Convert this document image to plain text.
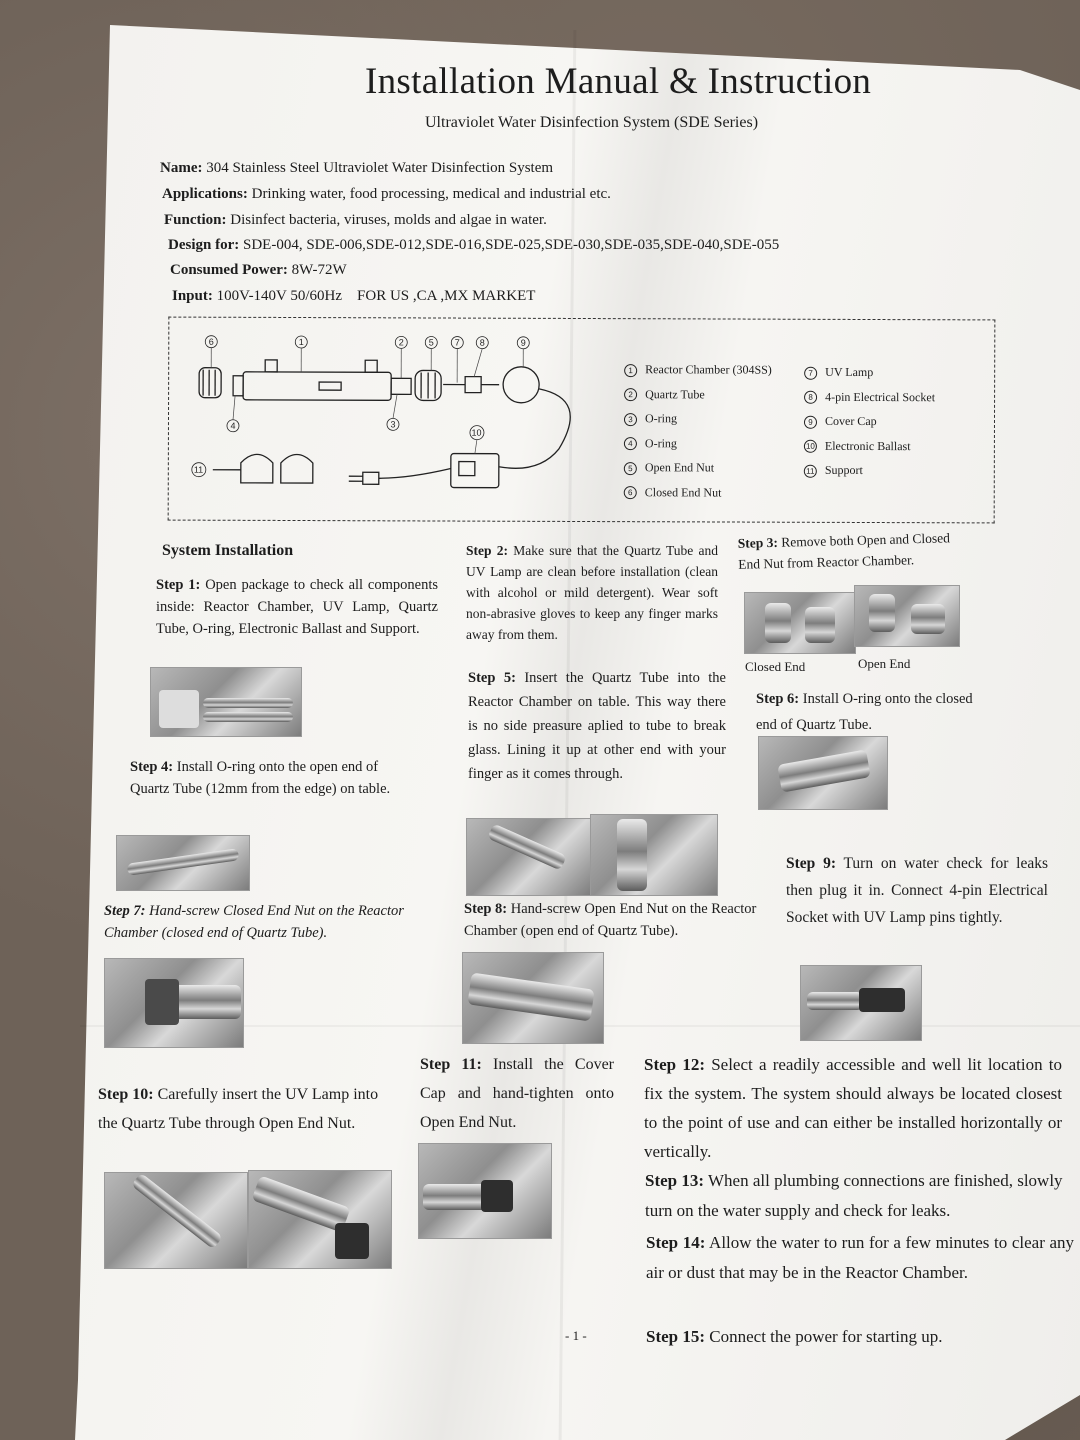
Installation Manual & Instruction
Ultraviolet Water Disinfection System (SDE Series)
Name: 304 Stainless Steel Ultraviolet Water Disinfection System
Applications: Drinking water, food processing, medical and industrial etc.
Function: Disinfect bacteria, viruses, molds and algae in water.
Design for: SDE-004, SDE-006,SDE-012,SDE-016,SDE-025,SDE-030,SDE-035,SDE-040,SDE-055
Consumed Power: 8W-72W
Input: 100V-140V 50/60Hz    FOR US ,CA ,MX MARKET
6	1	2	5 7 8	9
4	3
10
11
1 Reactor Chamber (304SS)
2 Quartz Tube
3 O-ring
4 O-ring
5 Open End Nut
6 Closed End Nut
7 UV Lamp
8 4-pin Electrical Socket
9 Cover Cap
10 Electronic Ballast
11 Support
System Installation
Step 1: Open package to check all components inside: Reactor Chamber, UV Lamp, Quartz Tube, O-ring, Electronic Ballast and Support.
Step 4: Install O-ring onto the open end of Quartz Tube (12mm from the edge) on table.
Step 7: Hand-screw Closed End Nut on the Reactor Chamber (closed end of Quartz Tube).
Step 10: Carefully insert the UV Lamp into the Quartz Tube through Open End Nut.
Step 2: Make sure that the Quartz Tube and UV Lamp are clean before installation (clean with alcohol or mild detergent). Wear soft non-abrasive gloves to keep any finger marks away from them.
Step 5: Insert the Quartz Tube into the Reactor Chamber on table. This way there is no side preasure aplied to tube to break glass. Lining it up at other end with your finger as it comes through.
Step 8: Hand-screw Open End Nut on the Reactor Chamber (open end of Quartz Tube).
Step 11: Install the Cover Cap and hand-tighten onto Open End Nut.
Step 3: Remove both Open and Closed End Nut from Reactor Chamber.
Closed End	Open End
Step 6: Install O-ring onto the closed end of Quartz Tube.
Step 9: Turn on water check for leaks then plug it in. Connect 4-pin Electrical Socket with UV Lamp pins tightly.
Step 12: Select a readily accessible and well lit location to fix the system. The system should always be located closest to the point of use and can either be installed horizontally or vertically.
Step 13: When all plumbing connections are finished, slowly turn on the water supply and check for leaks.
Step 14: Allow the water to run for a few minutes to clear any air or dust that may be in the Reactor Chamber.
Step 15: Connect the power for starting up.
- 1 -
